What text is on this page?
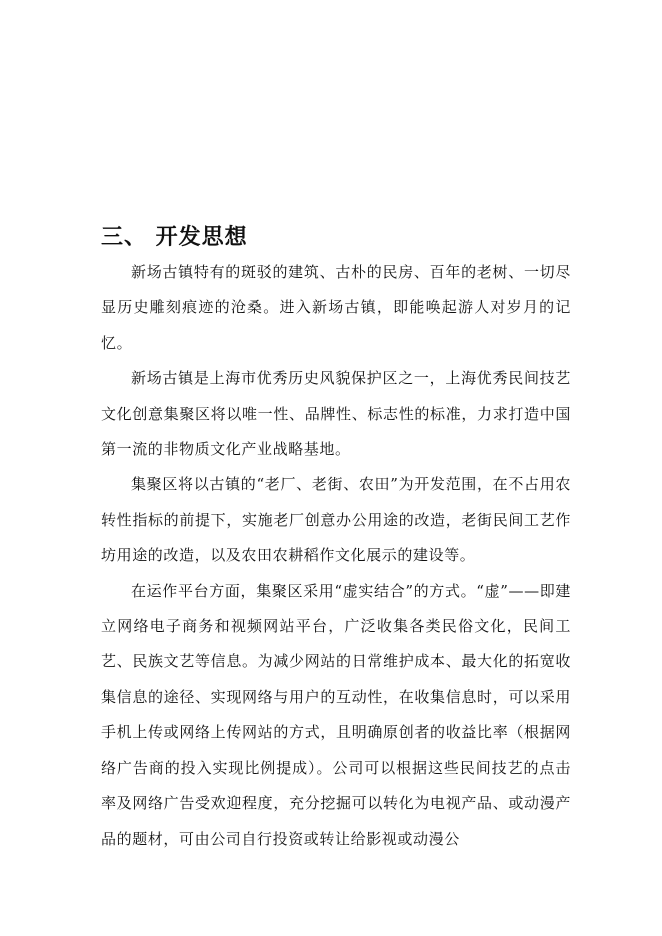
三、 开发思想

新场古镇特有的斑驳的建筑、古朴的民房、百年的老树、一切尽显历史雕刻痕迹的沧桑。进入新场古镇，即能唤起游人对岁月的记忆。

新场古镇是上海市优秀历史风貌保护区之一，上海优秀民间技艺文化创意集聚区将以唯一性、品牌性、标志性的标准，力求打造中国第一流的非物质文化产业战略基地。

集聚区将以古镇的“老厂、老街、农田”为开发范围，在不占用农转性指标的前提下，实施老厂创意办公用途的改造，老街民间工艺作坊用途的改造，以及农田农耕稻作文化展示的建设等。

在运作平台方面，集聚区采用“虚实结合”的方式。“虚”——即建立网络电子商务和视频网站平台，广泛收集各类民俗文化，民间工艺、民族文艺等信息。为减少网站的日常维护成本、最大化的拓宽收集信息的途径、实现网络与用户的互动性，在收集信息时，可以采用手机上传或网络上传网站的方式，且明确原创者的收益比率（根据网络广告商的投入实现比例提成）。公司可以根据这些民间技艺的点击率及网络广告受欢迎程度，充分挖掘可以转化为电视产品、或动漫产品的题材，可由公司自行投资或转让给影视或动漫公
